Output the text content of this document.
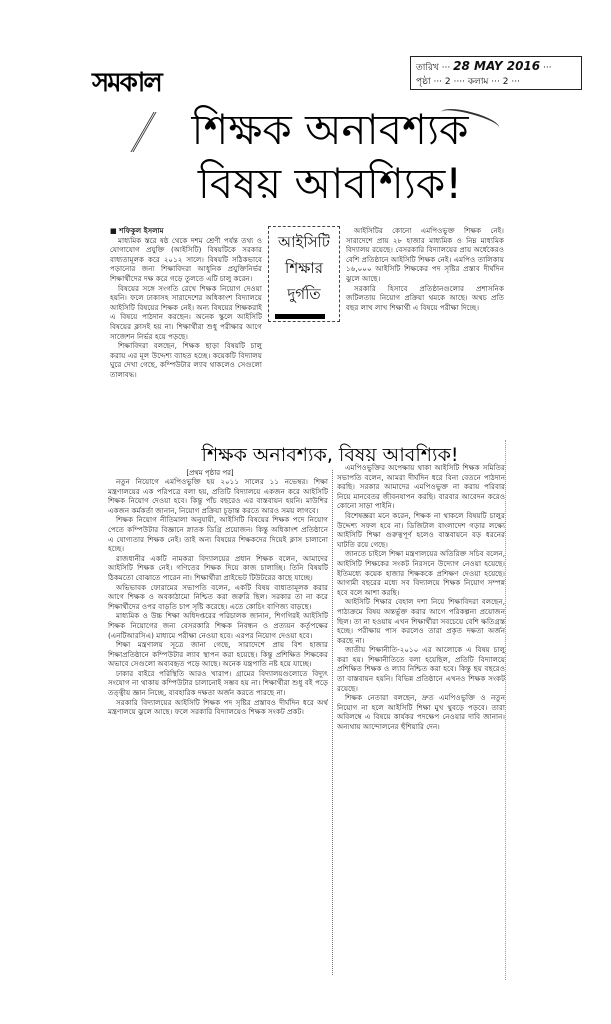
সমকাল	তারিখ ··· 28 MAY 2016 ···
পৃষ্ঠা ··· 2 ···· কলাম ··· 2 ···
শিক্ষক অনাবশ্যক
বিষয় আবশ্যিক!
■ শফিকুল ইসলাম

মাধ্যমিক স্তরে ষষ্ঠ থেকে দশম শ্রেণী পর্যন্ত তথ্য ও যোগাযোগ প্রযুক্তি (আইসিটি) বিষয়টিকে সরকার বাধ্যতামূলক করে ২০১২ সালে। বিষয়টি সঠিকভাবে পড়ানোর জন্য শিক্ষাবিদরা আধুনিক প্রযুক্তিনির্ভর শিক্ষার্থীদের দক্ষ করে গড়ে তুলতে এটি চালু করেন।

বিষয়ের সঙ্গে সংগতি রেখে শিক্ষক নিয়োগ দেওয়া হয়নি। ফলে ঢাকাসহ সারাদেশের অধিকাংশ বিদ্যালয়ে আইসিটি বিষয়ের শিক্ষক নেই। অন্য বিষয়ের শিক্ষকরাই এ বিষয়ে পাঠদান করছেন। অনেক স্কুলে আইসিটি বিষয়ের ক্লাসই হয় না। শিক্ষার্থীরা শুধু পরীক্ষার আগে সাজেশন নির্ভর হয়ে পড়ছে।

শিক্ষাবিদরা বলছেন, শিক্ষক ছাড়া বিষয়টি চালু করায় এর মূল উদ্দেশ্য ব্যাহত হচ্ছে। কয়েকটি বিদ্যালয় ঘুরে দেখা গেছে, কম্পিউটার ল্যাব থাকলেও সেগুলো তালাবদ্ধ।

আইসিটি
শিক্ষার
দুর্গতি

আইসিটির কোনো এমপিওভুক্ত শিক্ষক নেই। সারাদেশে প্রায় ২৮ হাজার মাধ্যমিক ও নিম্ন মাধ্যমিক বিদ্যালয় রয়েছে। বেসরকারি বিদ্যালয়ের প্রায় অর্ধেকেরও বেশি প্রতিষ্ঠানে আইসিটি শিক্ষক নেই। এমপিও তালিকায় ১৬,০০০ আইসিটি শিক্ষকের পদ সৃষ্টির প্রস্তাব দীর্ঘদিন ঝুলে আছে।

সরকারি হিসাবে প্রতিষ্ঠানগুলোর প্রশাসনিক জটিলতায় নিয়োগ প্রক্রিয়া থমকে আছে। অথচ প্রতি বছর লাখ লাখ শিক্ষার্থী এ বিষয়ে পরীক্ষা দিচ্ছে।

শিক্ষক অনাবশ্যক, বিষয় আবশ্যিক!
[প্রথম পৃষ্ঠার পর]

নতুন নিয়োগে এমপিওভুক্তি হয় ২০১১ সালের ১১ নভেম্বর। শিক্ষা মন্ত্রণালয়ের এক পরিপত্রে বলা হয়, প্রতিটি বিদ্যালয়ে একজন করে আইসিটি শিক্ষক নিয়োগ দেওয়া হবে। কিন্তু পাঁচ বছরেও এর বাস্তবায়ন হয়নি। মাউশির একজন কর্মকর্তা জানান, নিয়োগ প্রক্রিয়া চূড়ান্ত করতে আরও সময় লাগবে।

শিক্ষক নিয়োগ নীতিমালা অনুযায়ী, আইসিটি বিষয়ের শিক্ষক পদে নিয়োগ পেতে কম্পিউটার বিজ্ঞানে স্নাতক ডিগ্রি প্রয়োজন। কিন্তু অধিকাংশ প্রতিষ্ঠানে এ যোগ্যতার শিক্ষক নেই। তাই অন্য বিষয়ের শিক্ষকদের দিয়েই ক্লাস চালানো হচ্ছে।

রাজধানীর একটি নামকরা বিদ্যালয়ের প্রধান শিক্ষক বলেন, আমাদের আইসিটি শিক্ষক নেই। গণিতের শিক্ষক দিয়ে কাজ চালাচ্ছি। তিনি বিষয়টি ঠিকমতো বোঝাতে পারেন না। শিক্ষার্থীরা প্রাইভেট টিউটরের কাছে যাচ্ছে।

অভিভাবক ফোরামের সভাপতি বলেন, একটি বিষয় বাধ্যতামূলক করার আগে শিক্ষক ও অবকাঠামো নিশ্চিত করা জরুরি ছিল। সরকার তা না করে শিক্ষার্থীদের ওপর বাড়তি চাপ সৃষ্টি করেছে। এতে কোচিং বাণিজ্য বাড়ছে।

মাধ্যমিক ও উচ্চ শিক্ষা অধিদপ্তরের পরিচালক জানান, শিগগিরই আইসিটি শিক্ষক নিয়োগের জন্য বেসরকারি শিক্ষক নিবন্ধন ও প্রত্যয়ন কর্তৃপক্ষের (এনটিআরসিএ) মাধ্যমে পরীক্ষা নেওয়া হবে। এরপর নিয়োগ দেওয়া হবে।

শিক্ষা মন্ত্রণালয় সূত্রে জানা গেছে, সারাদেশে প্রায় বিশ হাজার শিক্ষাপ্রতিষ্ঠানে কম্পিউটার ল্যাব স্থাপন করা হয়েছে। কিন্তু প্রশিক্ষিত শিক্ষকের অভাবে সেগুলো অব্যবহৃত পড়ে আছে। অনেক যন্ত্রপাতি নষ্ট হয়ে যাচ্ছে।

ঢাকার বাইরে পরিস্থিতি আরও খারাপ। গ্রামের বিদ্যালয়গুলোতে বিদ্যুৎ সংযোগ না থাকায় কম্পিউটার চালানোই সম্ভব হয় না। শিক্ষার্থীরা শুধু বই পড়ে তত্ত্বীয় জ্ঞান নিচ্ছে, ব্যবহারিক দক্ষতা অর্জন করতে পারছে না।

সরকারি বিদ্যালয়ের আইসিটি শিক্ষক পদ সৃষ্টির প্রস্তাবও দীর্ঘদিন ধরে অর্থ মন্ত্রণালয়ে ঝুলে আছে। ফলে সরকারি বিদ্যালয়েও শিক্ষক সংকট প্রকট।

এমপিওভুক্তির অপেক্ষায় থাকা আইসিটি শিক্ষক সমিতির সভাপতি বলেন, আমরা দীর্ঘদিন ধরে বিনা বেতনে পাঠদান করছি। সরকার আমাদের এমপিওভুক্ত না করায় পরিবার নিয়ে মানবেতর জীবনযাপন করছি। বারবার আবেদন করেও কোনো সাড়া পাইনি।

বিশেষজ্ঞরা মনে করেন, শিক্ষক না থাকলে বিষয়টি চালুর উদ্দেশ্য সফল হবে না। ডিজিটাল বাংলাদেশ গড়ার লক্ষ্যে আইসিটি শিক্ষা গুরুত্বপূর্ণ হলেও বাস্তবায়নে বড় ধরনের ঘাটতি রয়ে গেছে।

জানতে চাইলে শিক্ষা মন্ত্রণালয়ের অতিরিক্ত সচিব বলেন, আইসিটি শিক্ষকের সংকট নিরসনে উদ্যোগ নেওয়া হয়েছে। ইতিমধ্যে কয়েক হাজার শিক্ষককে প্রশিক্ষণ দেওয়া হয়েছে। আগামী বছরের মধ্যে সব বিদ্যালয়ে শিক্ষক নিয়োগ সম্পন্ন হবে বলে আশা করছি।

আইসিটি শিক্ষার বেহাল দশা নিয়ে শিক্ষাবিদরা বলছেন, পাঠ্যক্রমে বিষয় অন্তর্ভুক্ত করার আগে পরিকল্পনা প্রয়োজন ছিল। তা না হওয়ায় এখন শিক্ষার্থীরা সবচেয়ে বেশি ক্ষতিগ্রস্ত হচ্ছে। পরীক্ষায় পাস করলেও তারা প্রকৃত দক্ষতা অর্জন করছে না।

জাতীয় শিক্ষানীতি-২০১০ এর আলোকে এ বিষয় চালু করা হয়। শিক্ষানীতিতে বলা হয়েছিল, প্রতিটি বিদ্যালয়ে প্রশিক্ষিত শিক্ষক ও ল্যাব নিশ্চিত করা হবে। কিন্তু ছয় বছরেও তা বাস্তবায়ন হয়নি। বিভিন্ন প্রতিষ্ঠানে এখনও শিক্ষক সংকট রয়েছে।

শিক্ষক নেতারা বলছেন, দ্রুত এমপিওভুক্তি ও নতুন নিয়োগ না হলে আইসিটি শিক্ষা মুখ থুবড়ে পড়বে। তারা অবিলম্বে এ বিষয়ে কার্যকর পদক্ষেপ নেওয়ার দাবি জানান। অন্যথায় আন্দোলনের হুঁশিয়ারি দেন।
